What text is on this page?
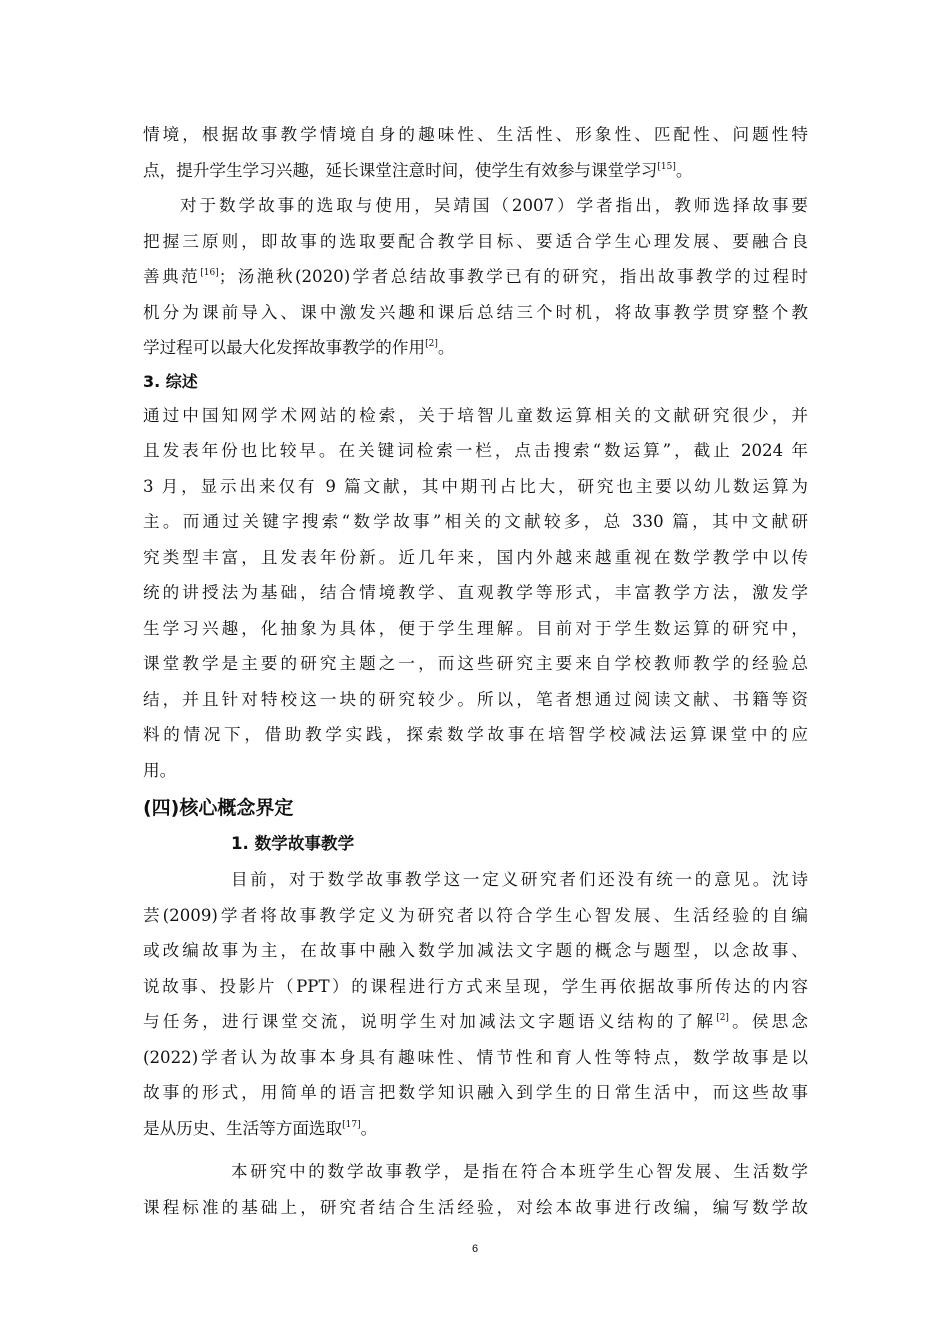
情境，根据故事教学情境自身的趣味性、生活性、形象性、匹配性、问题性特
点，提升学生学习兴趣，延长课堂注意时间，使学生有效参与课堂学习[15]。
对于数学故事的选取与使用，吴靖国（2007）学者指出，教师选择故事要
把握三原则，即故事的选取要配合教学目标、要适合学生心理发展、要融合良
善典范[16]；汤滟秋(2020)学者总结故事教学已有的研究，指出故事教学的过程时
机分为课前导入、课中激发兴趣和课后总结三个时机，将故事教学贯穿整个教
学过程可以最大化发挥故事教学的作用[2]。
3. 综述
通过中国知网学术网站的检索，关于培智儿童数运算相关的文献研究很少，并
且发表年份也比较早。在关键词检索一栏，点击搜索“数运算”，截止 2024 年
3 月，显示出来仅有 9 篇文献，其中期刊占比大，研究也主要以幼儿数运算为
主。而通过关键字搜索“数学故事”相关的文献较多，总 330 篇，其中文献研
究类型丰富，且发表年份新。近几年来，国内外越来越重视在数学教学中以传
统的讲授法为基础，结合情境教学、直观教学等形式，丰富教学方法，激发学
生学习兴趣，化抽象为具体，便于学生理解。目前对于学生数运算的研究中，
课堂教学是主要的研究主题之一，而这些研究主要来自学校教师教学的经验总
结，并且针对特校这一块的研究较少。所以，笔者想通过阅读文献、书籍等资
料的情况下，借助教学实践，探索数学故事在培智学校减法运算课堂中的应
用。
(四)核心概念界定
1. 数学故事教学
目前，对于数学故事教学这一定义研究者们还没有统一的意见。沈诗
芸(2009)学者将故事教学定义为研究者以符合学生心智发展、生活经验的自编
或改编故事为主，在故事中融入数学加减法文字题的概念与题型，以念故事、
说故事、投影片（PPT）的课程进行方式来呈现，学生再依据故事所传达的内容
与任务，进行课堂交流，说明学生对加减法文字题语义结构的了解[2]。侯思念
(2022)学者认为故事本身具有趣味性、情节性和育人性等特点，数学故事是以
故事的形式，用简单的语言把数学知识融入到学生的日常生活中，而这些故事
是从历史、生活等方面选取[17]。
本研究中的数学故事教学，是指在符合本班学生心智发展、生活数学
课程标准的基础上，研究者结合生活经验，对绘本故事进行改编，编写数学故
6
